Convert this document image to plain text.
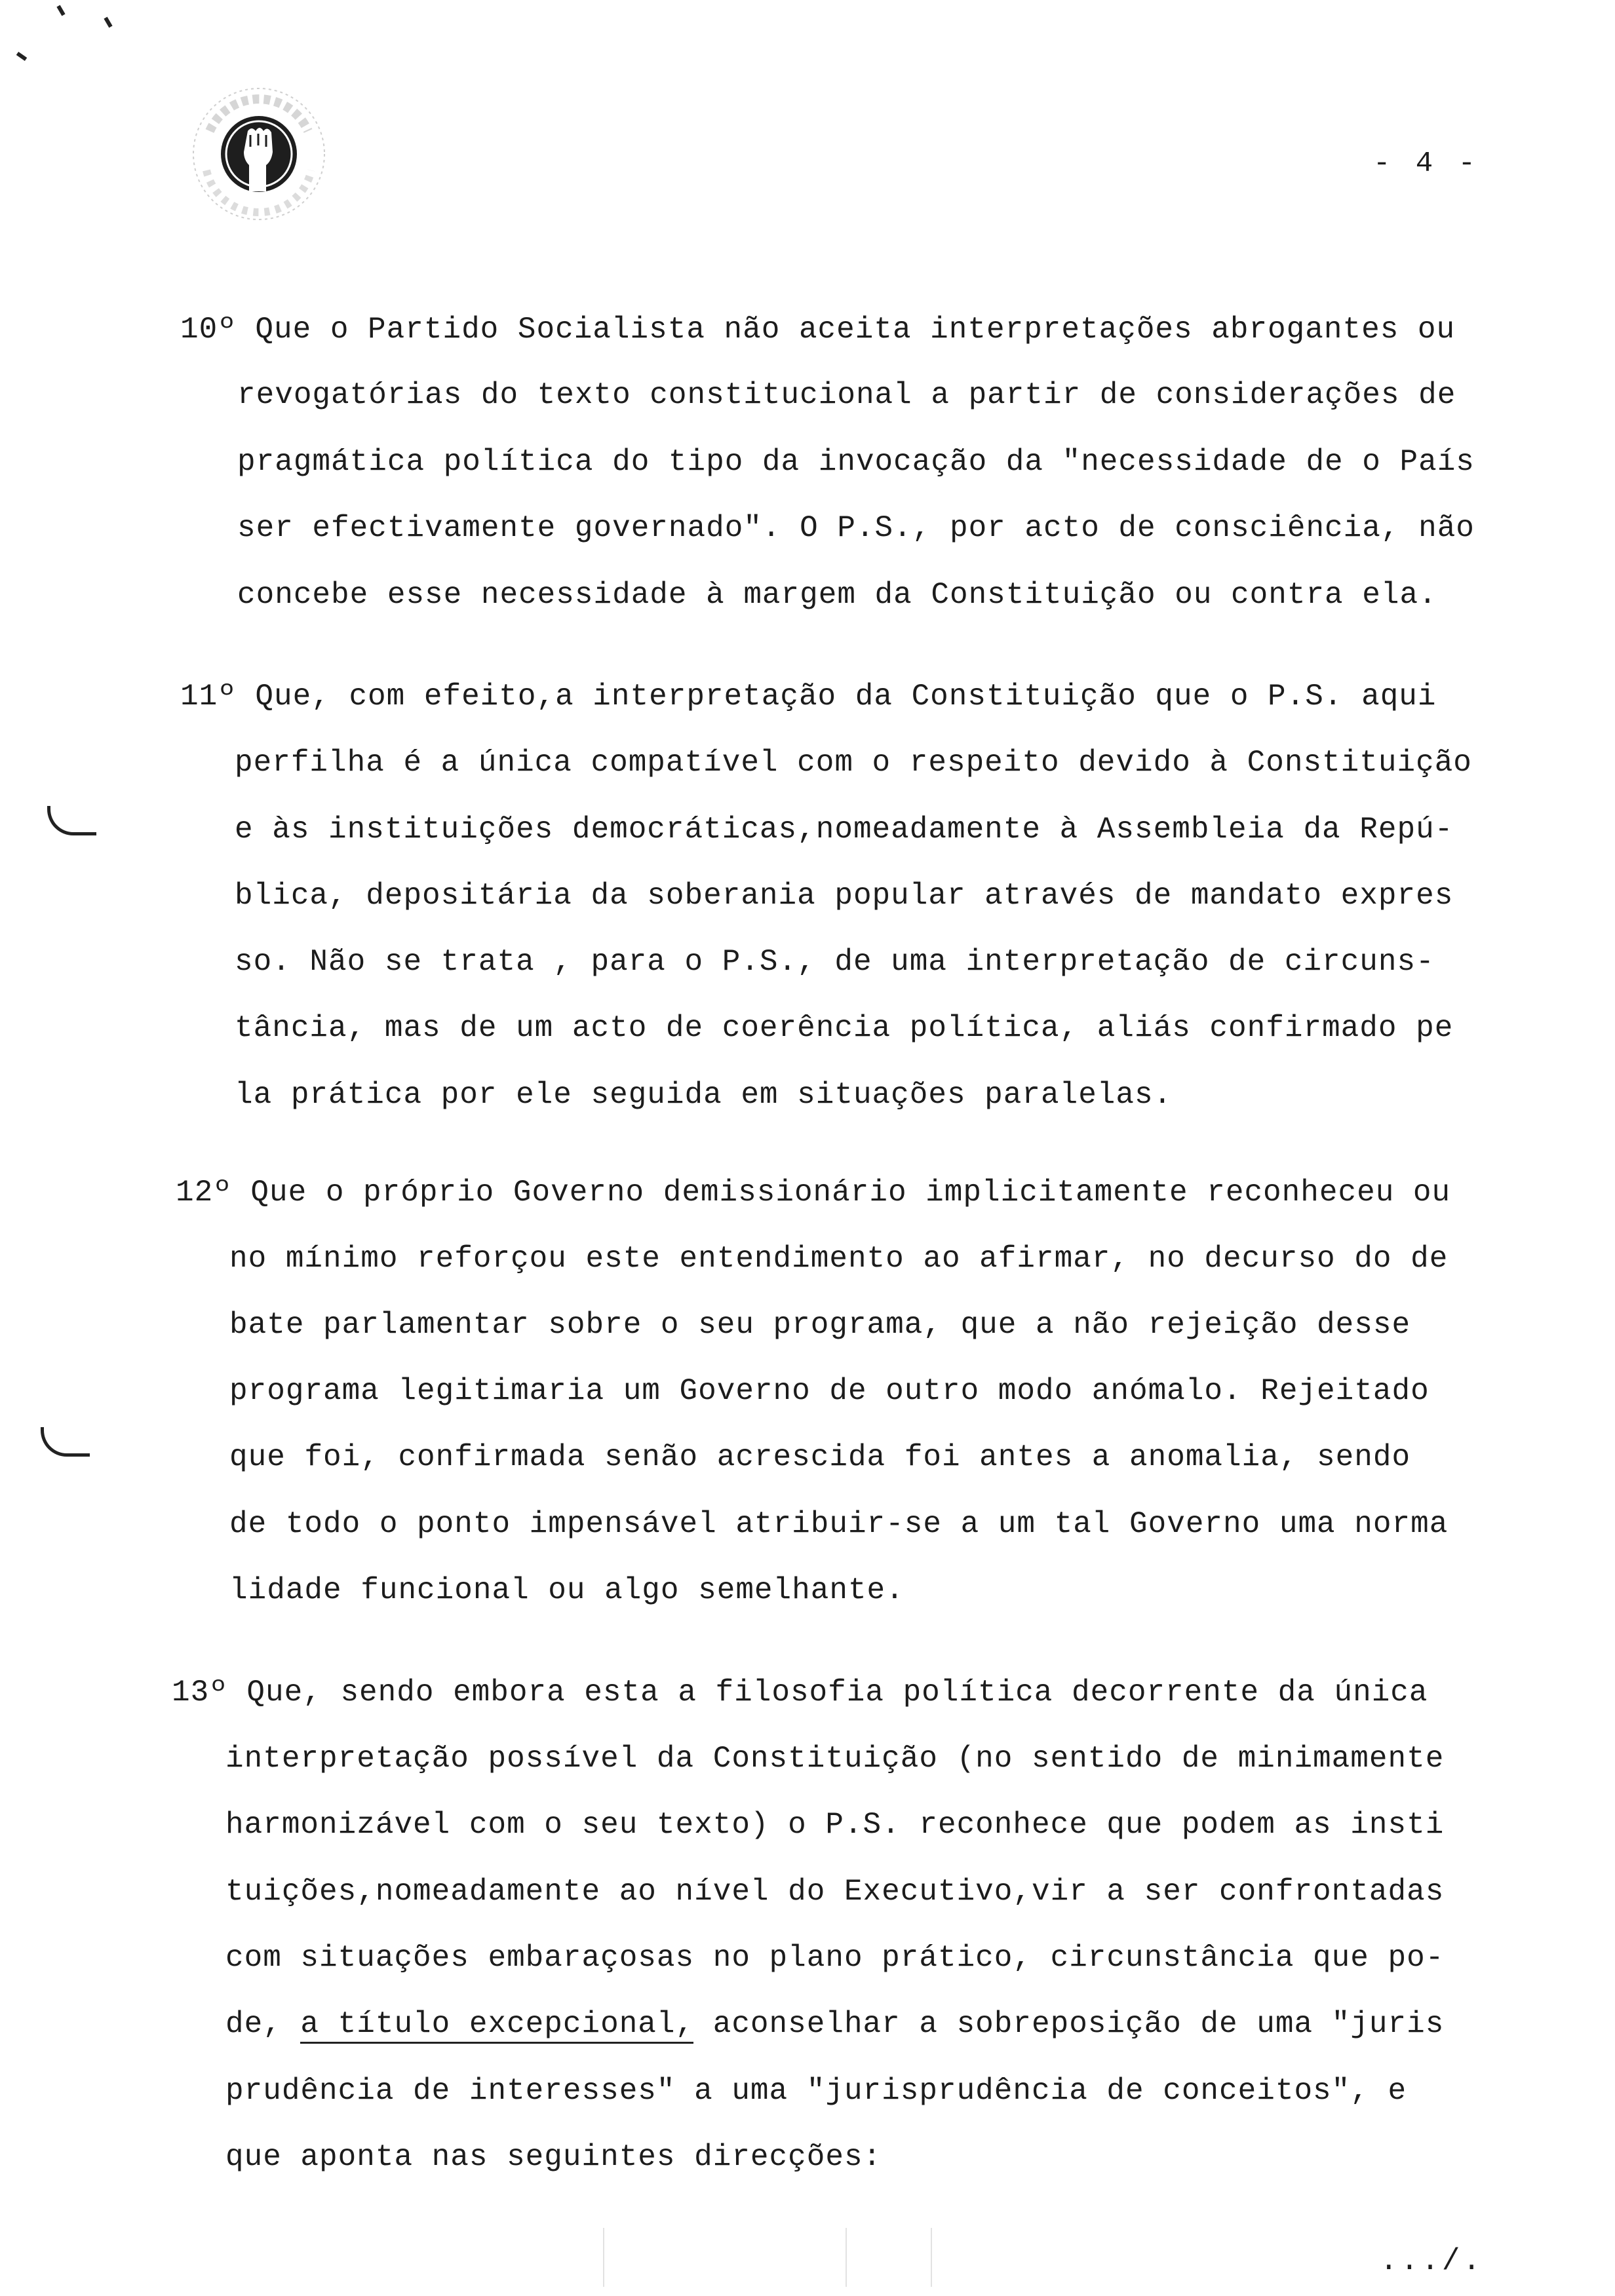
- 4 -
10º Que o Partido Socialista não aceita interpretações abrogantes ou
revogatórias do texto constitucional a partir de considerações de
pragmática política do tipo da invocação da "necessidade de o País
ser efectivamente governado". O P.S., por acto de consciência, não
concebe esse necessidade à margem da Constituição ou contra ela.
11º Que, com efeito,a interpretação da Constituição que o P.S. aqui
perfilha é a única compatível com o respeito devido à Constituição
e às instituições democráticas,nomeadamente à Assembleia da Repú-
blica, depositária da soberania popular através de mandato expres
so. Não se trata , para o P.S., de uma interpretação de circuns-
tância, mas de um acto de coerência política, aliás confirmado pe
la prática por ele seguida em situações paralelas.
12º Que o próprio Governo demissionário implicitamente reconheceu ou
no mínimo reforçou este entendimento ao afirmar, no decurso do de
bate parlamentar sobre o seu programa, que a não rejeição desse
programa legitimaria um Governo de outro modo anómalo. Rejeitado
que foi, confirmada senão acrescida foi antes a anomalia, sendo
de todo o ponto impensável atribuir-se a um tal Governo uma norma
lidade funcional ou algo semelhante.
13º Que, sendo embora esta a filosofia política decorrente da única
interpretação possível da Constituição (no sentido de minimamente
harmonizável com o seu texto) o P.S. reconhece que podem as insti
tuições,nomeadamente ao nível do Executivo,vir a ser confrontadas
com situações embaraçosas no plano prático, circunstância que po-
de, a título excepcional, aconselhar a sobreposição de uma "juris
prudência de interesses" a uma "jurisprudência de conceitos", e
que aponta nas seguintes direcções:
.../.
